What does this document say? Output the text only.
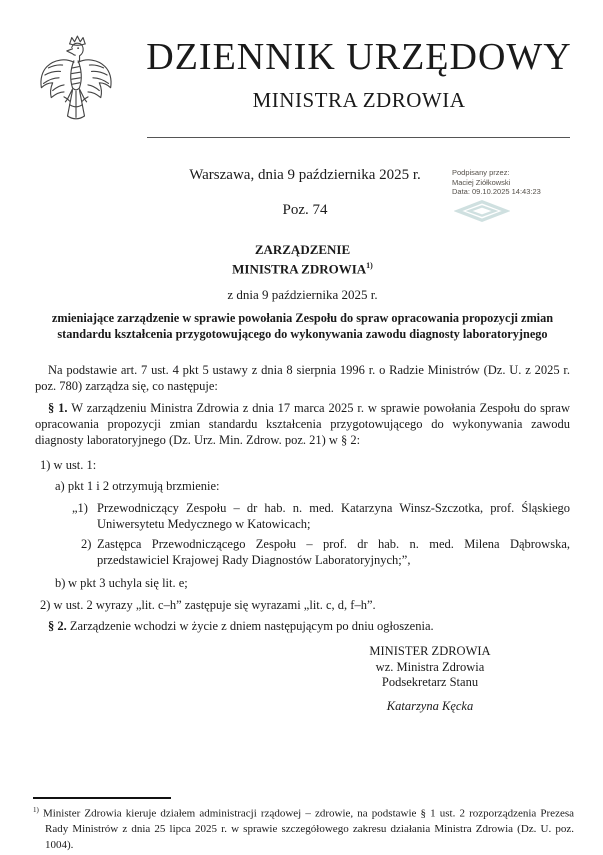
DZIENNIK URZĘDOWY
MINISTRA ZDROWIA
Warszawa, dnia 9 października 2025 r.
Poz. 74
Podpisany przez:
Maciej Ziółkowski
Data: 09.10.2025 14:43:23
ZARZĄDZENIE
MINISTRA ZDROWIA$^{1)}$
z dnia 9 października 2025 r.
zmieniające zarządzenie w sprawie powołania Zespołu do spraw opracowania propozycji zmian
standardu kształcenia przygotowującego do wykonywania zawodu diagnosty laboratoryjnego

Na podstawie art. 7 ust. 4 pkt 5 ustawy z dnia 8 sierpnia 1996 r. o Radzie Ministrów (Dz. U. z 2025 r. poz. 780) zarządza się, co następuje:

§ 1. W zarządzeniu Ministra Zdrowia z dnia 17 marca 2025 r. w sprawie powołania Zespołu do spraw opracowania propozycji zmian standardu kształcenia przygotowującego do wykonywania zawodu diagnosty laboratoryjnego (Dz. Urz. Min. Zdrow. poz. 21) w § 2:

1) w ust. 1:
a) pkt 1 i 2 otrzymują brzmienie:
„1) Przewodniczący Zespołu – dr hab. n. med. Katarzyna Winsz-Szczotka, prof. Śląskiego Uniwersytetu Medycznego w Katowicach;
2) Zastępca Przewodniczącego Zespołu – prof. dr hab. n. med. Milena Dąbrowska, przedstawiciel Krajowej Rady Diagnostów Laboratoryjnych;”,
b) w pkt 3 uchyla się lit. e;
2) w ust. 2 wyrazy „lit. c–h” zastępuje się wyrazami „lit. c, d, f–h”.

§ 2. Zarządzenie wchodzi w życie z dniem następującym po dniu ogłoszenia.

MINISTER ZDROWIA
wz. Ministra Zdrowia
Podsekretarz Stanu
Katarzyna Kęcka
$^{1)}$ Minister Zdrowia kieruje działem administracji rządowej – zdrowie, na podstawie § 1 ust. 2 rozporządzenia Prezesa Rady Ministrów z dnia 25 lipca 2025 r. w sprawie szczegółowego zakresu działania Ministra Zdrowia (Dz. U. poz. 1004).
